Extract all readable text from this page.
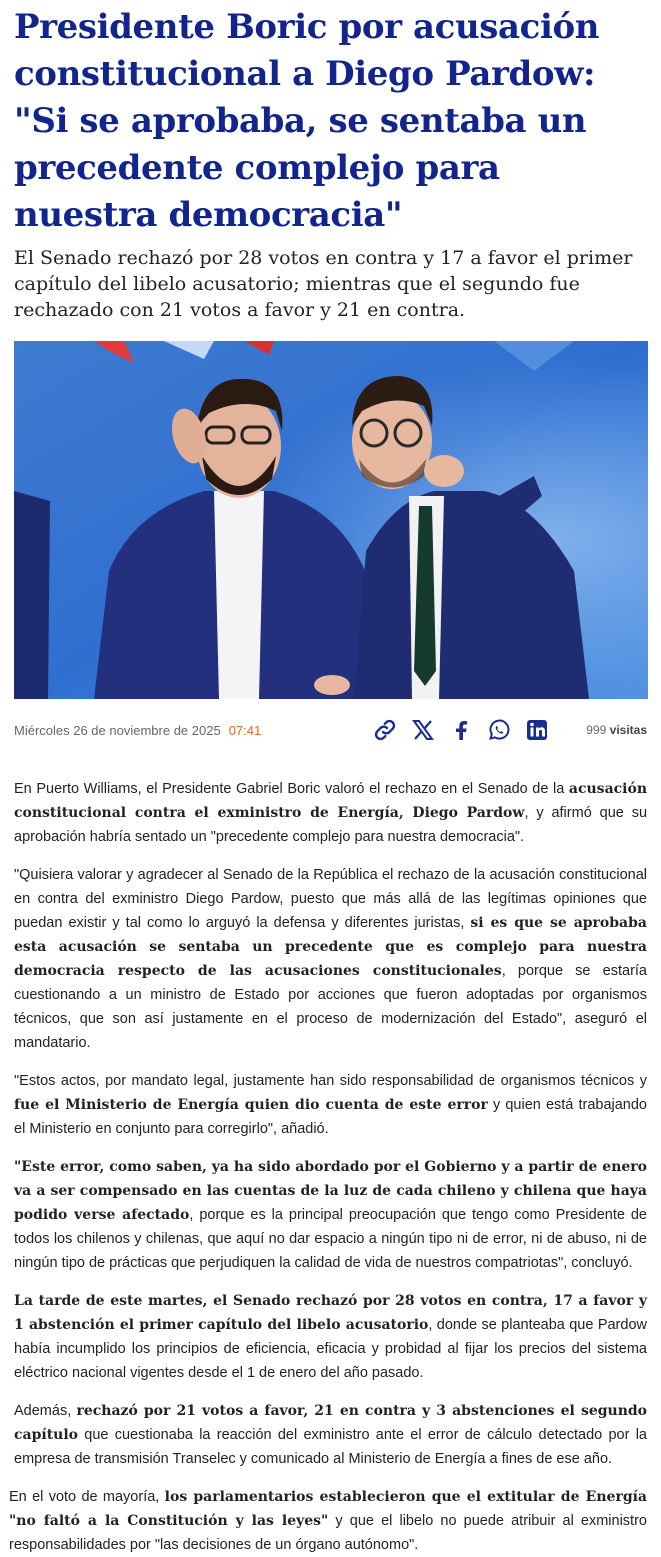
Presidente Boric por acusación constitucional a Diego Pardow: "Si se aprobaba, se sentaba un precedente complejo para nuestra democracia"

El Senado rechazó por 28 votos en contra y 17 a favor el primer capítulo del libelo acusatorio; mientras que el segundo fue rechazado con 21 votos a favor y 21 en contra.

Miércoles 26 de noviembre de 2025 07:41	999 visitas

En Puerto Williams, el Presidente Gabriel Boric valoró el rechazo en el Senado de la acusación constitucional contra el exministro de Energía, Diego Pardow, y afirmó que su aprobación habría sentado un "precedente complejo para nuestra democracia".

"Quisiera valorar y agradecer al Senado de la República el rechazo de la acusación constitucional en contra del exministro Diego Pardow, puesto que más allá de las legítimas opiniones que puedan existir y tal como lo arguyó la defensa y diferentes juristas, si es que se aprobaba esta acusación se sentaba un precedente que es complejo para nuestra democracia respecto de las acusaciones constitucionales, porque se estaría cuestionando a un ministro de Estado por acciones que fueron adoptadas por organismos técnicos, que son así justamente en el proceso de modernización del Estado", aseguró el mandatario.

"Estos actos, por mandato legal, justamente han sido responsabilidad de organismos técnicos y fue el Ministerio de Energía quien dio cuenta de este error y quien está trabajando el Ministerio en conjunto para corregirlo", añadió.

"Este error, como saben, ya ha sido abordado por el Gobierno y a partir de enero va a ser compensado en las cuentas de la luz de cada chileno y chilena que haya podido verse afectado, porque es la principal preocupación que tengo como Presidente de todos los chilenos y chilenas, que aquí no dar espacio a ningún tipo ni de error, ni de abuso, ni de ningún tipo de prácticas que perjudiquen la calidad de vida de nuestros compatriotas", concluyó.

La tarde de este martes, el Senado rechazó por 28 votos en contra, 17 a favor y 1 abstención el primer capítulo del libelo acusatorio, donde se planteaba que Pardow había incumplido los principios de eficiencia, eficacia y probidad al fijar los precios del sistema eléctrico nacional vigentes desde el 1 de enero del año pasado.

Además, rechazó por 21 votos a favor, 21 en contra y 3 abstenciones el segundo capítulo que cuestionaba la reacción del exministro ante el error de cálculo detectado por la empresa de transmisión Transelec y comunicado al Ministerio de Energía a fines de ese año.

En el voto de mayoría, los parlamentarios establecieron que el extitular de Energía "no faltó a la Constitución y las leyes" y que el libelo no puede atribuir al exministro responsabilidades por "las decisiones de un órgano autónomo".
